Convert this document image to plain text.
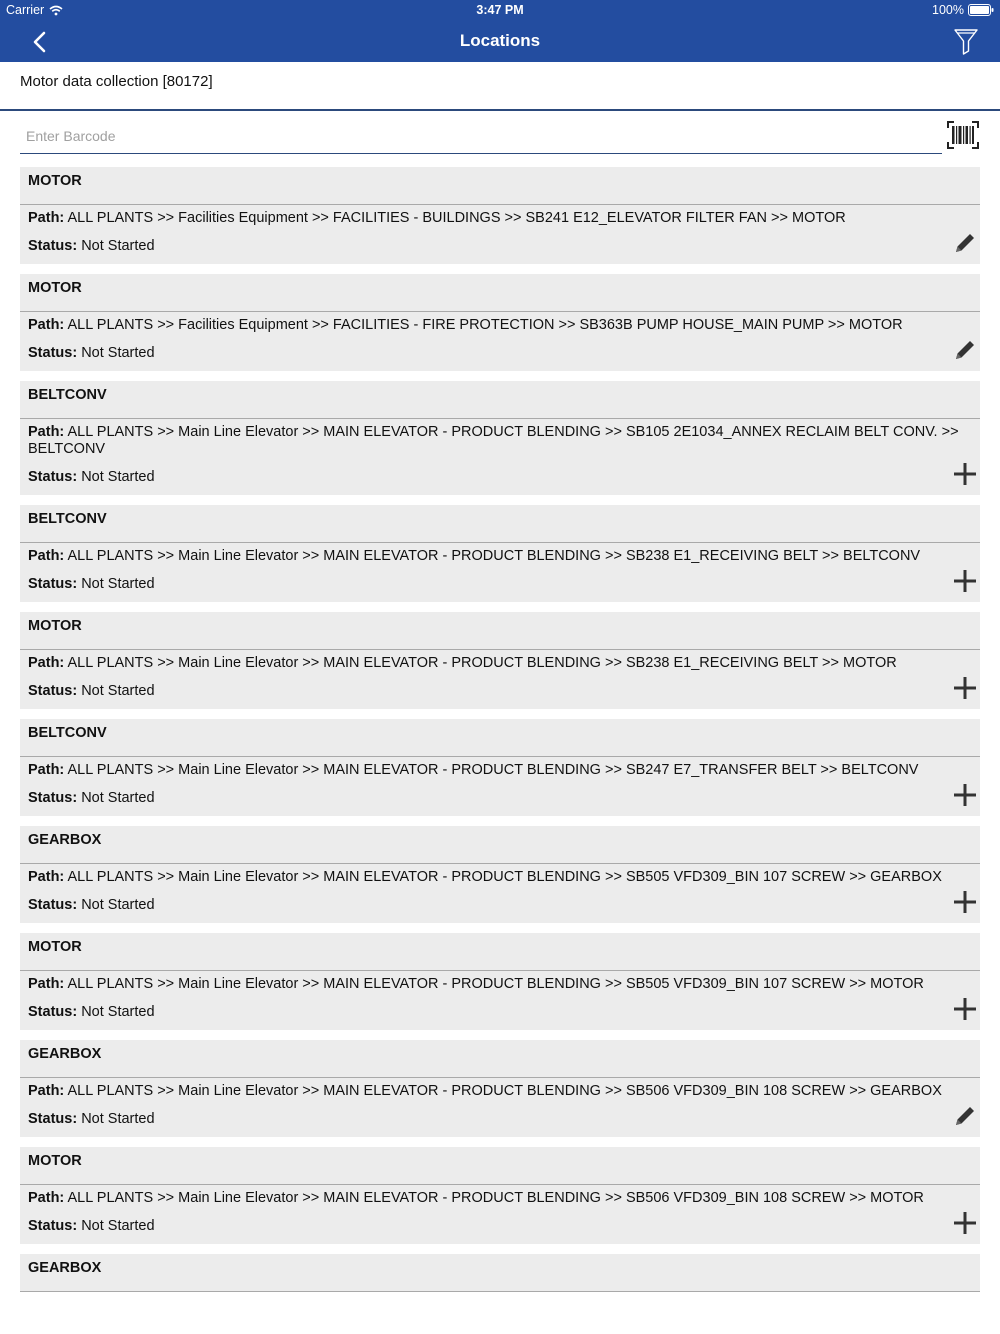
Carrier	3:47 PM	100%
Locations
Motor data collection [80172]
Enter Barcode
MOTOR
Path: ALL PLANTS >> Facilities Equipment >> FACILITIES - BUILDINGS >> SB241 E12_ELEVATOR FILTER FAN >> MOTOR
Status: Not Started
MOTOR
Path: ALL PLANTS >> Facilities Equipment >> FACILITIES - FIRE PROTECTION >> SB363B PUMP HOUSE_MAIN PUMP >> MOTOR
Status: Not Started
BELTCONV
Path: ALL PLANTS >> Main Line Elevator >> MAIN ELEVATOR - PRODUCT BLENDING >> SB105 2E1034_ANNEX RECLAIM BELT CONV. >> BELTCONV
Status: Not Started
BELTCONV
Path: ALL PLANTS >> Main Line Elevator >> MAIN ELEVATOR - PRODUCT BLENDING >> SB238 E1_RECEIVING BELT >> BELTCONV
Status: Not Started
MOTOR
Path: ALL PLANTS >> Main Line Elevator >> MAIN ELEVATOR - PRODUCT BLENDING >> SB238 E1_RECEIVING BELT >> MOTOR
Status: Not Started
BELTCONV
Path: ALL PLANTS >> Main Line Elevator >> MAIN ELEVATOR - PRODUCT BLENDING >> SB247 E7_TRANSFER BELT >> BELTCONV
Status: Not Started
GEARBOX
Path: ALL PLANTS >> Main Line Elevator >> MAIN ELEVATOR - PRODUCT BLENDING >> SB505 VFD309_BIN 107 SCREW >> GEARBOX
Status: Not Started
MOTOR
Path: ALL PLANTS >> Main Line Elevator >> MAIN ELEVATOR - PRODUCT BLENDING >> SB505 VFD309_BIN 107 SCREW >> MOTOR
Status: Not Started
GEARBOX
Path: ALL PLANTS >> Main Line Elevator >> MAIN ELEVATOR - PRODUCT BLENDING >> SB506 VFD309_BIN 108 SCREW >> GEARBOX
Status: Not Started
MOTOR
Path: ALL PLANTS >> Main Line Elevator >> MAIN ELEVATOR - PRODUCT BLENDING >> SB506 VFD309_BIN 108 SCREW >> MOTOR
Status: Not Started
GEARBOX
